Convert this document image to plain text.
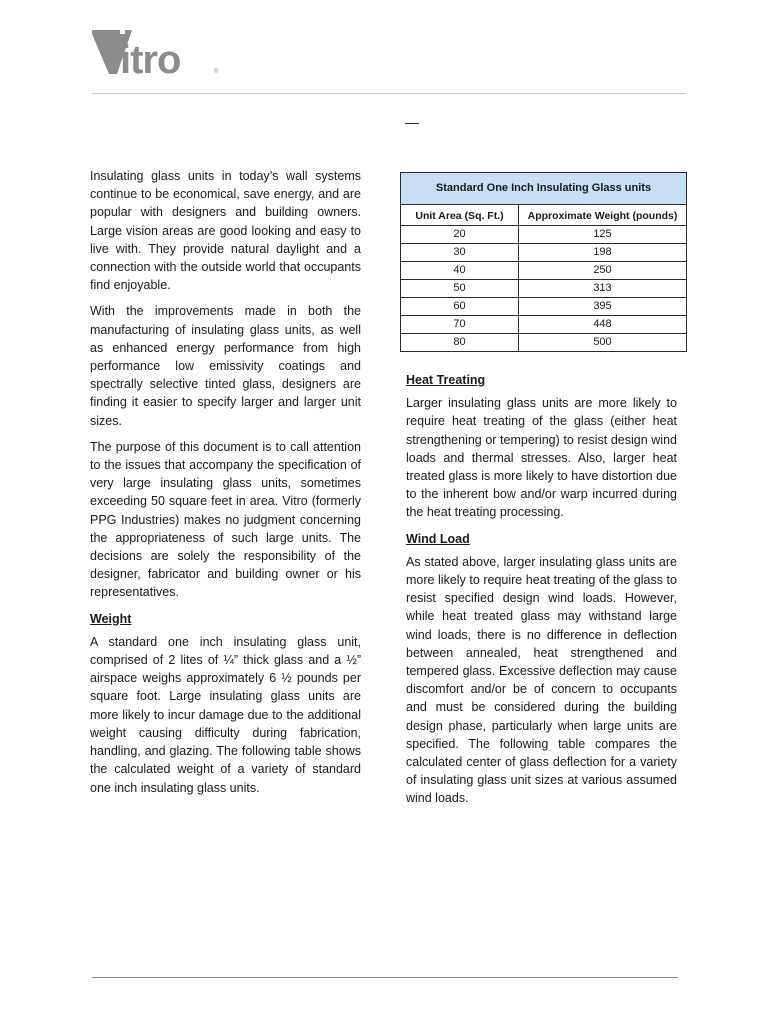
itro	®
—

Insulating glass units in today’s wall systems continue to be economical, save energy, and are popular with designers and building owners. Large vision areas are good looking and easy to live with. They provide natural daylight and a connection with the outside world that occupants find enjoyable.

With the improvements made in both the manufacturing of insulating glass units, as well as enhanced energy performance from high performance low emissivity coatings and spectrally selective tinted glass, designers are finding it easier to specify larger and larger unit sizes.

The purpose of this document is to call attention to the issues that accompany the specification of very large insulating glass units, sometimes exceeding 50 square feet in area. Vitro (formerly PPG Industries) makes no judgment concerning the appropriateness of such large units. The decisions are solely the responsibility of the designer, fabricator and building owner or his representatives.

Weight

A standard one inch insulating glass unit, comprised of 2 lites of ¼” thick glass and a ½” airspace weighs approximately 6 ½ pounds per square foot. Large insulating glass units are more likely to incur damage due to the additional weight causing difficulty during fabrication, handling, and glazing. The following table shows the calculated weight of a variety of standard one inch insulating glass units.

Standard One Inch Insulating Glass units	
Unit Area (Sq. Ft.)	Approximate Weight (pounds)
20	125
30	198
40	250
50	313
60	395
70	448
80	500
Heat Treating

Larger insulating glass units are more likely to require heat treating of the glass (either heat strengthening or tempering) to resist design wind loads and thermal stresses. Also, larger heat treated glass is more likely to have distortion due to the inherent bow and/or warp incurred during the heat treating processing.

Wind Load

As stated above, larger insulating glass units are more likely to require heat treating of the glass to resist specified design wind loads. However, while heat treated glass may withstand large wind loads, there is no difference in deflection between annealed, heat strengthened and tempered glass. Excessive deflection may cause discomfort and/or be of concern to occupants and must be considered during the building design phase, particularly when large units are specified. The following table compares the calculated center of glass deflection for a variety of insulating glass unit sizes at various assumed wind loads.
